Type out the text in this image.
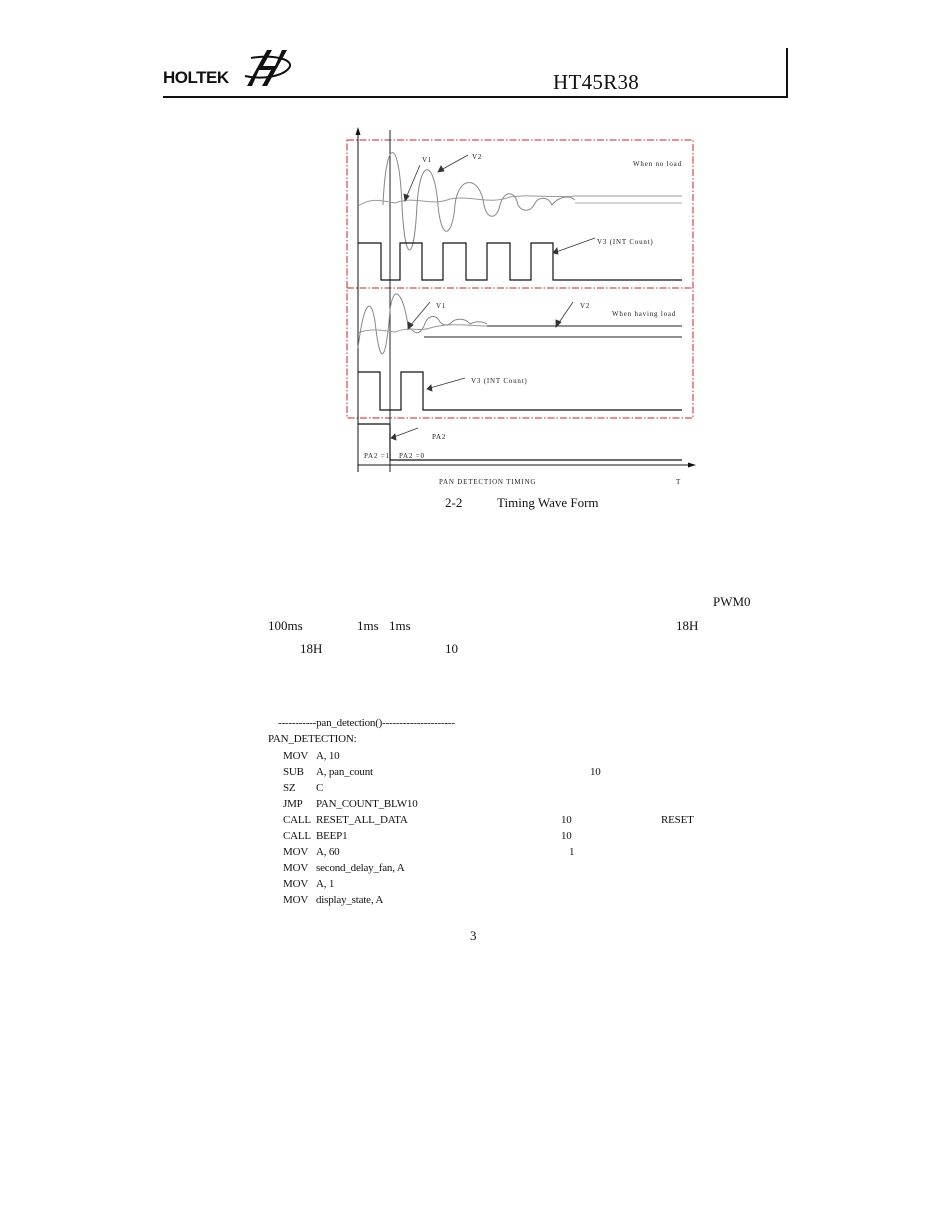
HOLTEK	HT45R38
V1	V2
When no load
V3 (INT Count)
V1	V2
When having load
V3 (INT Count)
PA2
PA2 =1 PA2 =0
PAN DETECTION TIMING	T
2-2	Timing Wave Form
PWM0
100ms	1ms 1ms	18H
18H	10
-----------pan_detection()---------------------
PAN_DETECTION:
MOV A, 10
SUB A, pan_count	10
SZ C
JMP PAN_COUNT_BLW10
CALL RESET_ALL_DATA	10	RESET
CALL BEEP1	10
MOV A, 60	1
MOV second_delay_fan, A
MOV A, 1
MOV display_state, A
3
